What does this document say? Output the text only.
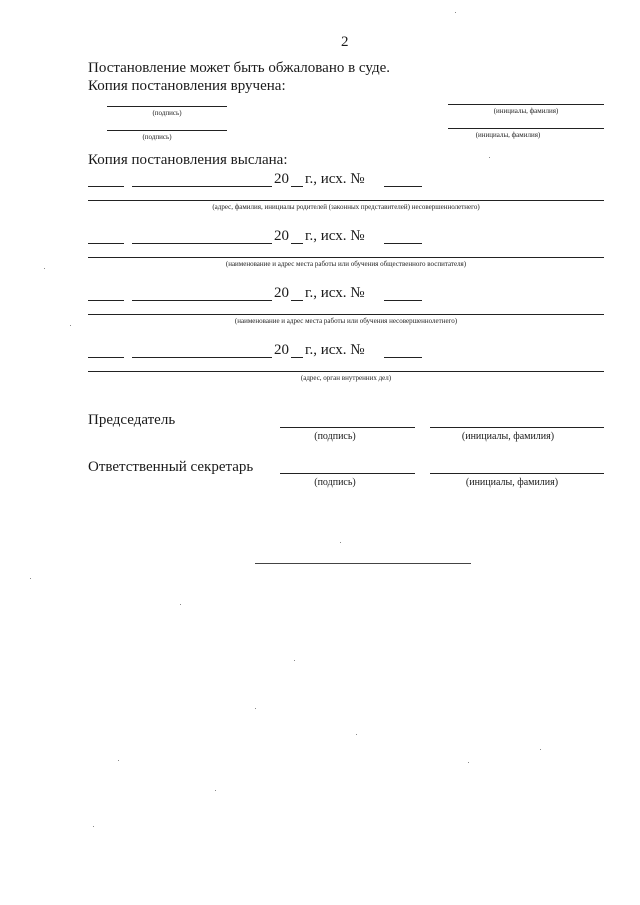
2
Постановление может быть обжаловано в суде.
Копия постановления вручена:
(подпись)	(инициалы, фамилия)
(подпись)	(инициалы, фамилия)
Копия постановления выслана:
20 г., исх. №
(адрес, фамилия, инициалы родителей (законных представителей) несовершеннолетнего)
20 г., исх. №
(наименование и адрес места работы или обучения общественного воспитателя)
20 г., исх. №
(наименование и адрес места работы или обучения несовершеннолетнего)
20 г., исх. №
(адрес, орган внутренних дел)
Председатель
(подпись)	(инициалы, фамилия)
Ответственный секретарь
(подпись)	(инициалы, фамилия)
